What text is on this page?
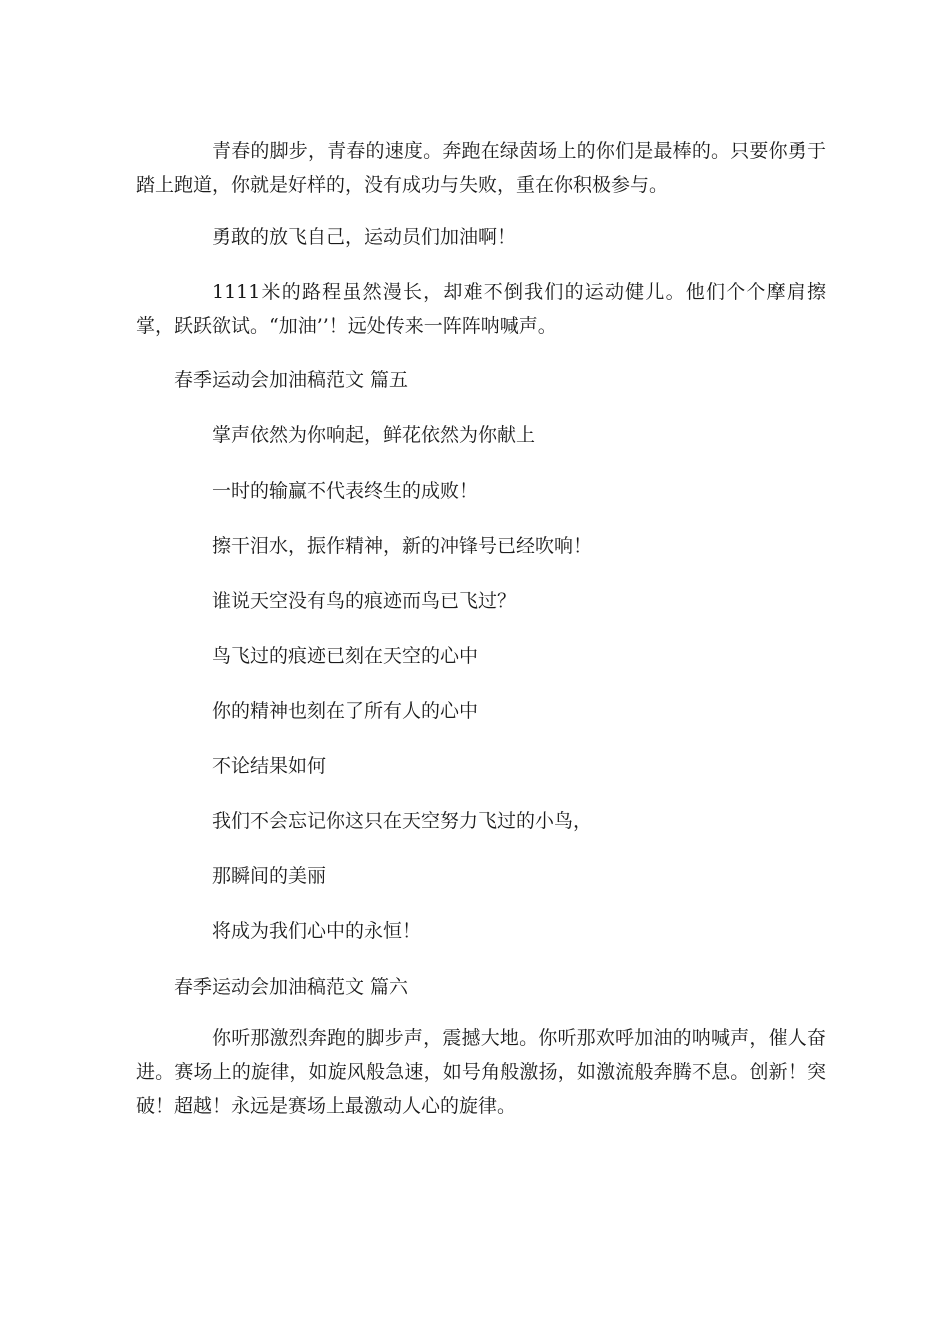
青春的脚步，青春的速度。奔跑在绿茵场上的你们是最棒的。只要你勇于踏上跑道，你就是好样的，没有成功与失败，重在你积极参与。

勇敢的放飞自己，运动员们加油啊！

1111米的路程虽然漫长，却难不倒我们的运动健儿。他们个个摩肩擦掌，跃跃欲试。“加油’’！远处传来一阵阵呐喊声。

春季运动会加油稿范文 篇五
掌声依然为你响起，鲜花依然为你献上
一时的输赢不代表终生的成败！
擦干泪水，振作精神，新的冲锋号已经吹响！
谁说天空没有鸟的痕迹而鸟已飞过？
鸟飞过的痕迹已刻在天空的心中
你的精神也刻在了所有人的心中
不论结果如何
我们不会忘记你这只在天空努力飞过的小鸟，
那瞬间的美丽
将成为我们心中的永恒！
春季运动会加油稿范文 篇六

你听那激烈奔跑的脚步声，震撼大地。你听那欢呼加油的呐喊声，催人奋进。赛场上的旋律，如旋风般急速，如号角般激扬，如激流般奔腾不息。创新！突破！超越！永远是赛场上最激动人心的旋律。
